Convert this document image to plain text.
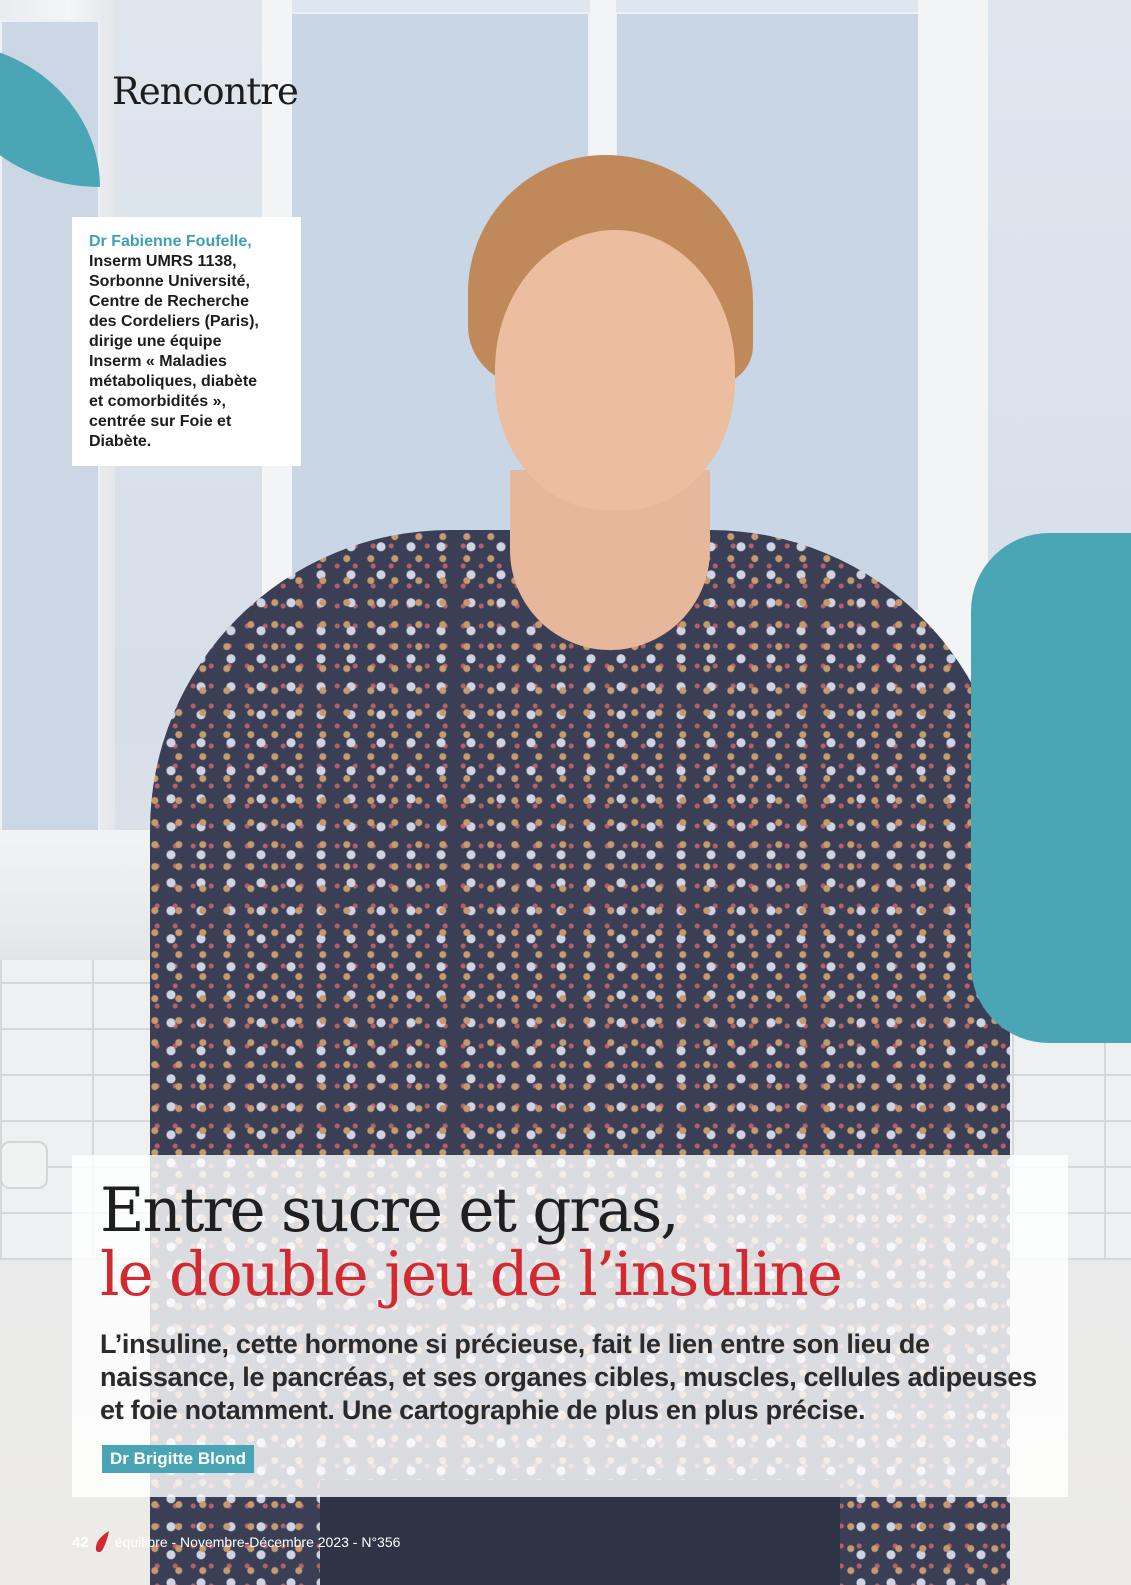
Rencontre
Dr Fabienne Foufelle,
Inserm UMRS 1138,
Sorbonne Université,
Centre de Recherche
des Cordeliers (Paris),
dirige une équipe
Inserm « Maladies
métaboliques, diabète
et comorbidités »,
centrée sur Foie et
Diabète.
Entre sucre et gras,
le double jeu de l’insuline

L’insuline, cette hormone si précieuse, fait le lien entre son lieu de naissance, le pancréas, et ses organes cibles, muscles, cellules adipeuses et foie notamment. Une cartographie de plus en plus précise.

Dr Brigitte Blond
42 équilibre - Novembre-Décembre 2023 - N°356
